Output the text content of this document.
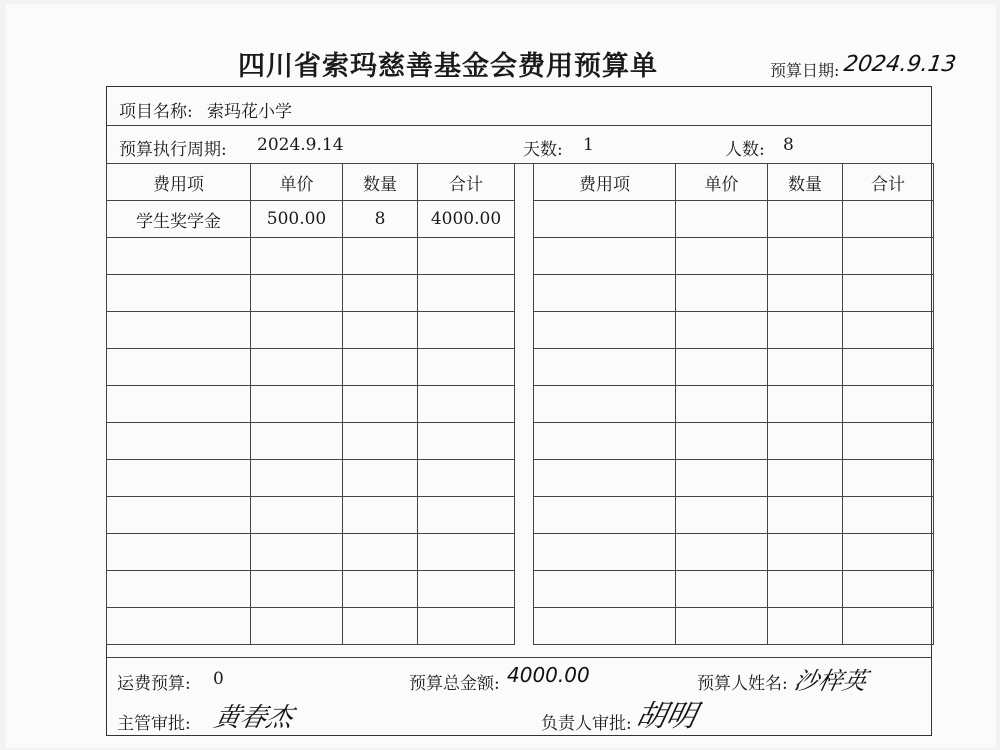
四川省索玛慈善基金会费用预算单	预算日期: 2024.9.13
项目名称: 索玛花小学
预算执行周期: 2024.9.14	天数: 1	人数: 8
费用项	单价	数量	合计
学生奖学金	500.00	8	4000.00

费用项	单价	数量	合计

运费预算: 0	预算总金额: 4000.00	预算人姓名: 沙梓英
主管审批: 黄春杰	负责人审批: 胡明
